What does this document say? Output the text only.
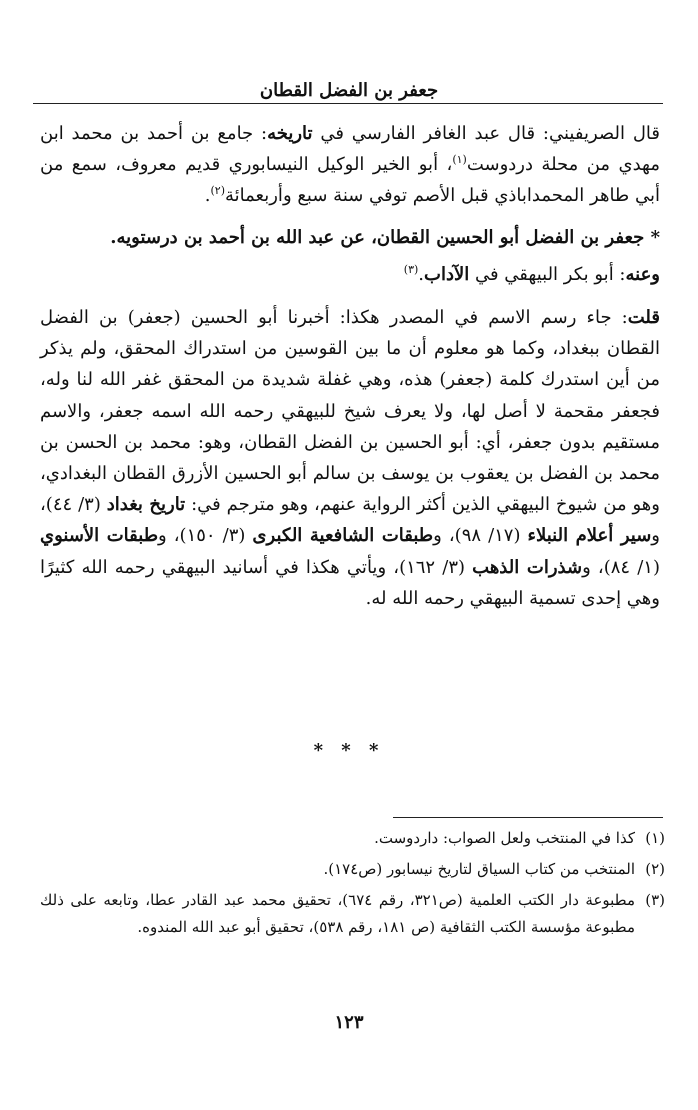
جعفر بن الفضل القطان

قال الصريفيني: قال عبد الغافر الفارسي في تاريخه: جامع بن أحمد بن محمد ابن مهدي من محلة دردوست$^{(١)}$، أبو الخير الوكيل النيسابوري قديم معروف، سمع من أبي طاهر المحمداباذي قبل الأصم توفي سنة سبع وأربعمائة$^{(٢)}$.

* جعفر بن الفضل أبو الحسين القطان، عن عبد الله بن أحمد بن درستويه.

وعنه: أبو بكر البيهقي في الآداب.$^{(٣)}$

قلت: جاء رسم الاسم في المصدر هكذا: أخبرنا أبو الحسين (جعفر) بن الفضل القطان ببغداد، وكما هو معلوم أن ما بين القوسين من استدراك المحقق، ولم يذكر من أين استدرك كلمة (جعفر) هذه، وهي غفلة شديدة من المحقق غفر الله لنا وله، فجعفر مقحمة لا أصل لها، ولا يعرف شيخ للبيهقي رحمه الله اسمه جعفر، والاسم مستقيم بدون جعفر، أي: أبو الحسين بن الفضل القطان، وهو: محمد بن الحسن بن محمد بن الفضل بن يعقوب بن يوسف بن سالم أبو الحسين الأزرق القطان البغدادي، وهو من شيوخ البيهقي الذين أكثر الرواية عنهم، وهو مترجم في: تاريخ بغداد (٣/ ٤٤)، وسير أعلام النبلاء (١٧/ ٩٨)، وطبقات الشافعية الكبرى (٣/ ١٥٠)، وطبقات الأسنوي (١/ ٨٤)، وشذرات الذهب (٣/ ١٦٢)، ويأتي هكذا في أسانيد البيهقي رحمه الله كثيرًا وهي إحدى تسمية البيهقي رحمه الله له.

* * *
(١)
كذا في المنتخب ولعل الصواب: داردوست.
(٢)
المنتخب من كتاب السياق لتاريخ نيسابور (ص١٧٤).
(٣)
مطبوعة دار الكتب العلمية (ص٣٢١، رقم ٦٧٤)، تحقيق محمد عبد القادر عطا، وتابعه على ذلك مطبوعة مؤسسة الكتب الثقافية (ص ١٨١، رقم ٥٣٨)، تحقيق أبو عبد الله المندوه.
١٢٣
